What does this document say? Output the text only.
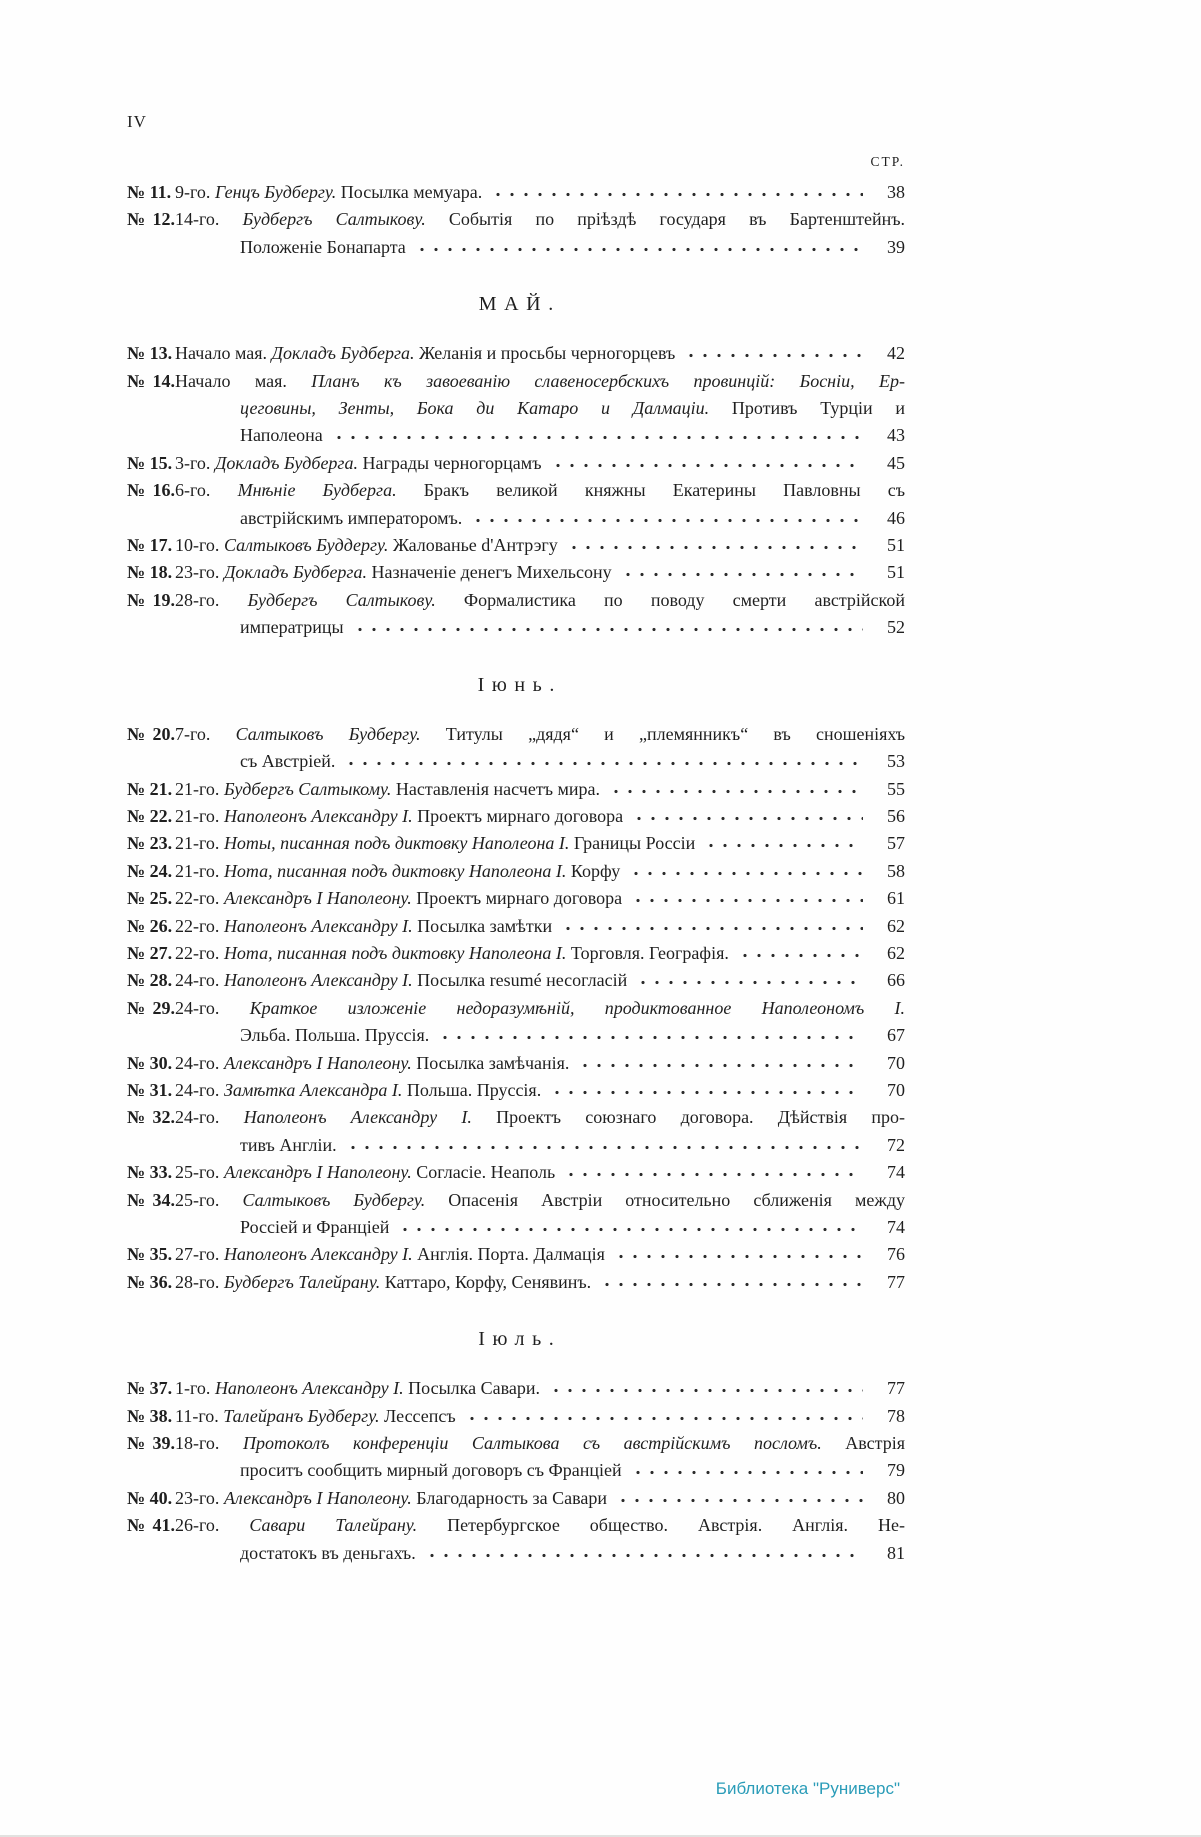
IV
СТР.
№ 11. 9-го. Генцъ Будбергу. Посылка мемуара.	38
№ 12.14-го. Будбергъ Салтыкову. Событія по пріѣздѣ государя въ Бартенштейнъ.
Положеніе Бонапарта	39
МАЙ.
№ 13. Начало мая. Докладъ Будберга. Желанія и просьбы черногорцевъ	42
№ 14.Начало мая. Планъ къ завоеванію славеносербскихъ провинцій: Босніи, Ер-
цеговины, Зенты, Бока ди Катаро и Далмаціи. Противъ Турціи и
Наполеона	43
№ 15. 3-го. Докладъ Будберга. Награды черногорцамъ	45
№ 16.6-го. Мнѣніе Будберга. Бракъ великой княжны Екатерины Павловны съ
австрійскимъ императоромъ.	46
№ 17. 10-го. Салтыковъ Буддергу. Жалованье d'Антрэгу	51
№ 18. 23-го. Докладъ Будберга. Назначеніе денегъ Михельсону	51
№ 19.28-го. Будбергъ Салтыкову. Формалистика по поводу смерти австрійской
императрицы	52
Іюнь.
№ 20.7-го. Салтыковъ Будбергу. Титулы „дядя“ и „племянникъ“ въ сношеніяхъ
съ Австріей.	53
№ 21. 21-го. Будбергъ Салтыкому. Наставленія насчетъ мира.	55
№ 22. 21-го. Наполеонъ Александру I. Проектъ мирнаго договора	56
№ 23. 21-го. Ноты, писанная подъ диктовку Наполеона I. Границы Россіи	57
№ 24. 21-го. Нота, писанная подъ диктовку Наполеона I. Корфу	58
№ 25. 22-го. Александръ I Наполеону. Проектъ мирнаго договора	61
№ 26. 22-го. Наполеонъ Александру I. Посылка замѣтки	62
№ 27. 22-го. Нота, писанная подъ диктовку Наполеона I. Торговля. Географія.	62
№ 28. 24-го. Наполеонъ Александру I. Посылка resumé несогласій	66
№ 29.24-го. Краткое изложеніе недоразумѣній, продиктованное Наполеономъ I.
Эльба. Польша. Пруссія.	67
№ 30. 24-го. Александръ I Наполеону. Посылка замѣчанія.	70
№ 31. 24-го. Замѣтка Александра I. Польша. Пруссія.	70
№ 32.24-го. Наполеонъ Александру I. Проектъ союзнаго договора. Дѣйствія про-
тивъ Англіи.	72
№ 33. 25-го. Александръ I Наполеону. Согласіе. Неаполь	74
№ 34.25-го. Салтыковъ Будбергу. Опасенія Австріи относительно сближенія между
Россіей и Франціей	74
№ 35. 27-го. Наполеонъ Александру I. Англія. Порта. Далмація	76
№ 36. 28-го. Будбергъ Талейрану. Каттаро, Корфу, Сенявинъ.	77
Іюль.
№ 37. 1-го. Наполеонъ Александру I. Посылка Савари.	77
№ 38. 11-го. Талейранъ Будбергу. Лессепсъ	78
№ 39.18-го. Протоколъ конференціи Салтыкова съ австрійскимъ посломъ. Австрія
проситъ сообщить мирный договоръ съ Франціей	79
№ 40. 23-го. Александръ I Наполеону. Благодарность за Савари	80
№ 41.26-го. Савари Талейрану. Петербургское общество. Австрія. Англія. Не-
достатокъ въ деньгахъ.	81
Библиотека "Руниверс"
